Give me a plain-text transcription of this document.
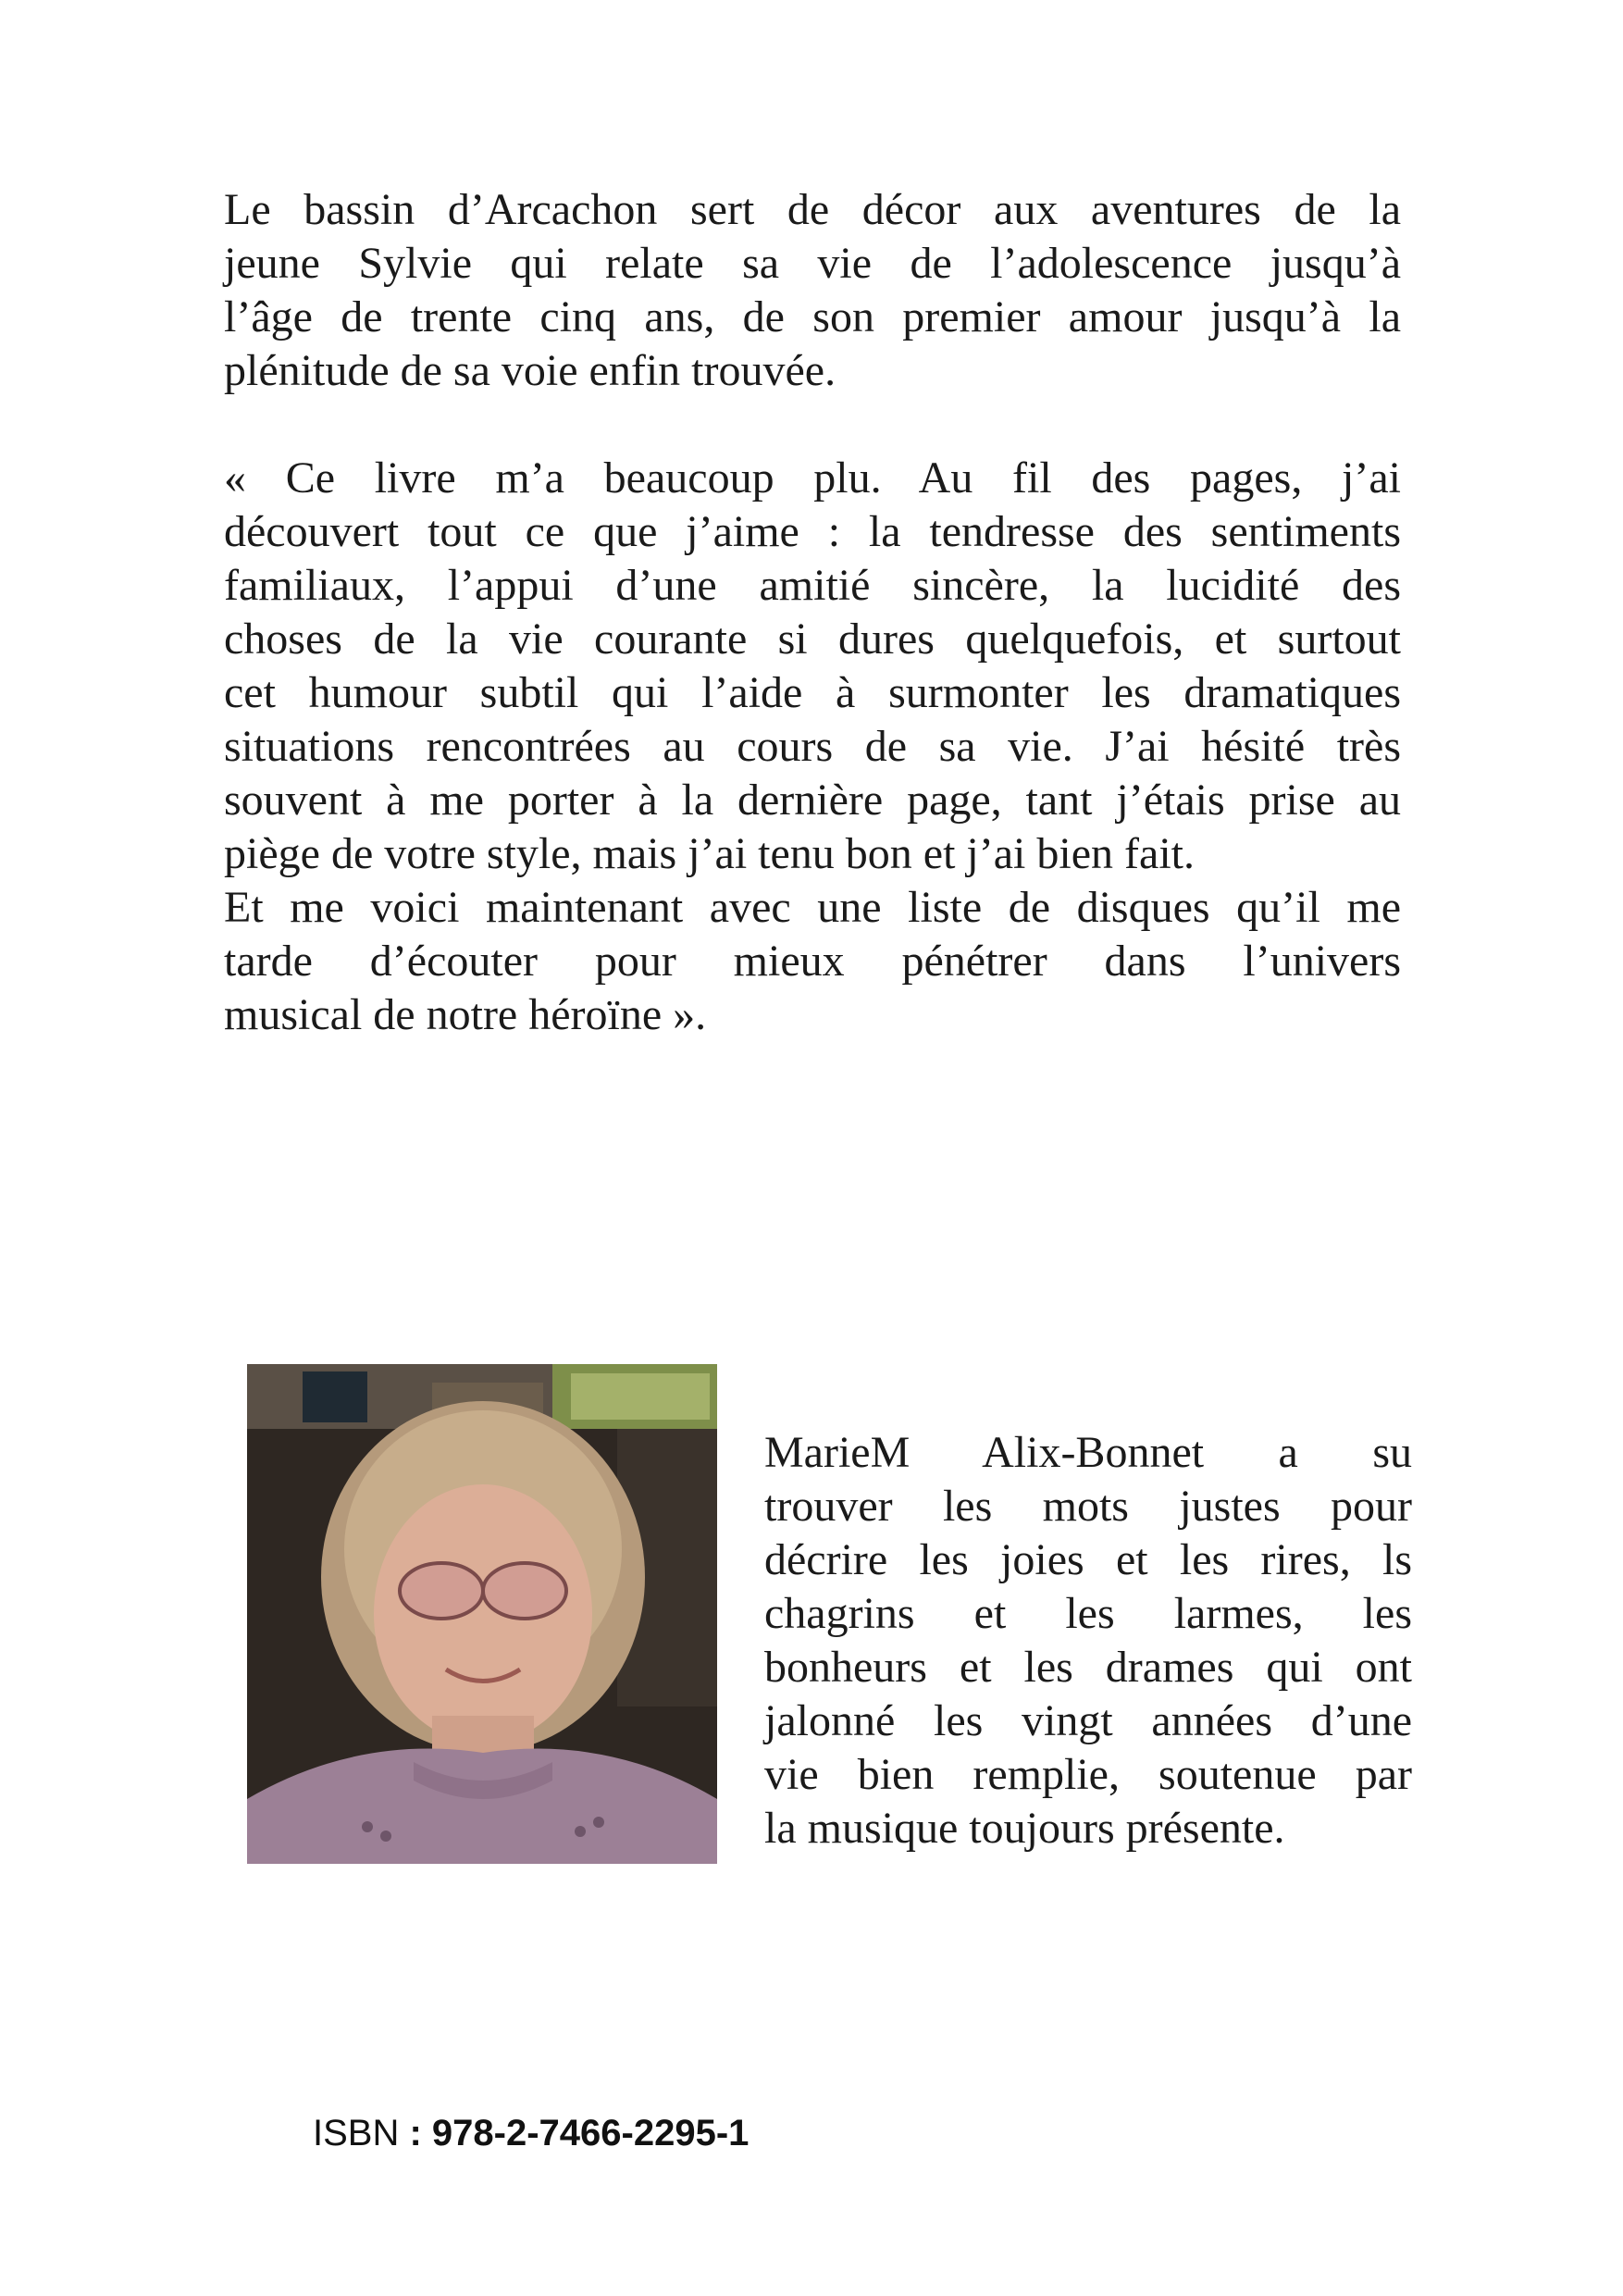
Le bassin d’Arcachon sert de décor aux aventures de la
jeune Sylvie qui relate sa vie de l’adolescence jusqu’à
l’âge de trente cinq ans, de son premier amour jusqu’à la
plénitude de sa voie enfin trouvée.
« Ce livre m’a beaucoup plu. Au fil des pages, j’ai
découvert tout ce que j’aime : la tendresse des sentiments
familiaux, l’appui d’une amitié sincère, la lucidité des
choses de la vie courante si dures quelquefois, et surtout
cet humour subtil qui l’aide à surmonter les dramatiques
situations rencontrées au cours de sa vie. J’ai hésité très
souvent à me porter à la dernière page, tant j’étais prise au
piège de votre style, mais j’ai tenu bon et j’ai bien fait.
Et me voici maintenant avec une liste de disques qu’il me
tarde d’écouter pour mieux pénétrer dans l’univers
musical de notre héroïne ».
MarieM Alix-Bonnet a su
trouver les mots justes pour
décrire les joies et les rires, ls
chagrins et les larmes, les
bonheurs et les drames qui ont
jalonné les vingt années d’une
vie bien remplie, soutenue par
la musique toujours présente.
ISBN : 978-2-7466-2295-1
